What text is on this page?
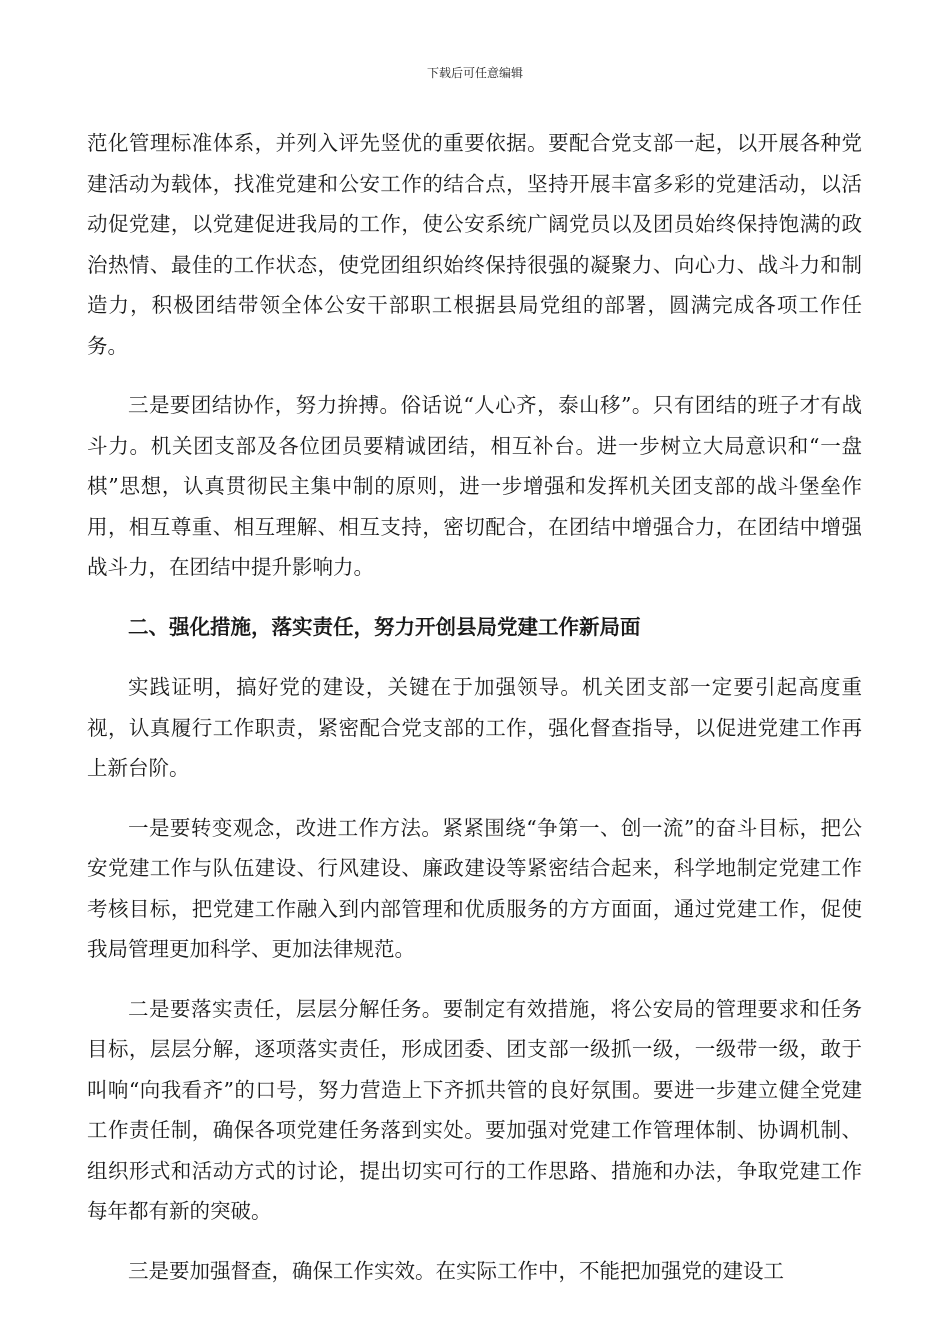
下载后可任意编辑

范化管理标准体系，并列入评先竖优的重要依据。要配合党支部一起，以开展各种党建活动为载体，找准党建和公安工作的结合点，坚持开展丰富多彩的党建活动，以活动促党建，以党建促进我局的工作，使公安系统广阔党员以及团员始终保持饱满的政治热情、最佳的工作状态，使党团组织始终保持很强的凝聚力、向心力、战斗力和制造力，积极团结带领全体公安干部职工根据县局党组的部署，圆满完成各项工作任务。

三是要团结协作，努力拚搏。俗话说“人心齐，泰山移”。只有团结的班子才有战斗力。机关团支部及各位团员要精诚团结，相互补台。进一步树立大局意识和“一盘棋”思想，认真贯彻民主集中制的原则，进一步增强和发挥机关团支部的战斗堡垒作用，相互尊重、相互理解、相互支持，密切配合，在团结中增强合力，在团结中增强战斗力，在团结中提升影响力。

二、强化措施，落实责任，努力开创县局党建工作新局面

实践证明，搞好党的建设，关键在于加强领导。机关团支部一定要引起高度重视，认真履行工作职责，紧密配合党支部的工作，强化督查指导，以促进党建工作再上新台阶。

一是要转变观念，改进工作方法。紧紧围绕“争第一、创一流”的奋斗目标，把公安党建工作与队伍建设、行风建设、廉政建设等紧密结合起来，科学地制定党建工作考核目标，把党建工作融入到内部管理和优质服务的方方面面，通过党建工作，促使我局管理更加科学、更加法律规范。

二是要落实责任，层层分解任务。要制定有效措施，将公安局的管理要求和任务目标，层层分解，逐项落实责任，形成团委、团支部一级抓一级，一级带一级，敢于叫响“向我看齐”的口号，努力营造上下齐抓共管的良好氛围。要进一步建立健全党建工作责任制，确保各项党建任务落到实处。要加强对党建工作管理体制、协调机制、组织形式和活动方式的讨论，提出切实可行的工作思路、措施和办法，争取党建工作每年都有新的突破。

三是要加强督查，确保工作实效。在实际工作中，不能把加强党的建设工
